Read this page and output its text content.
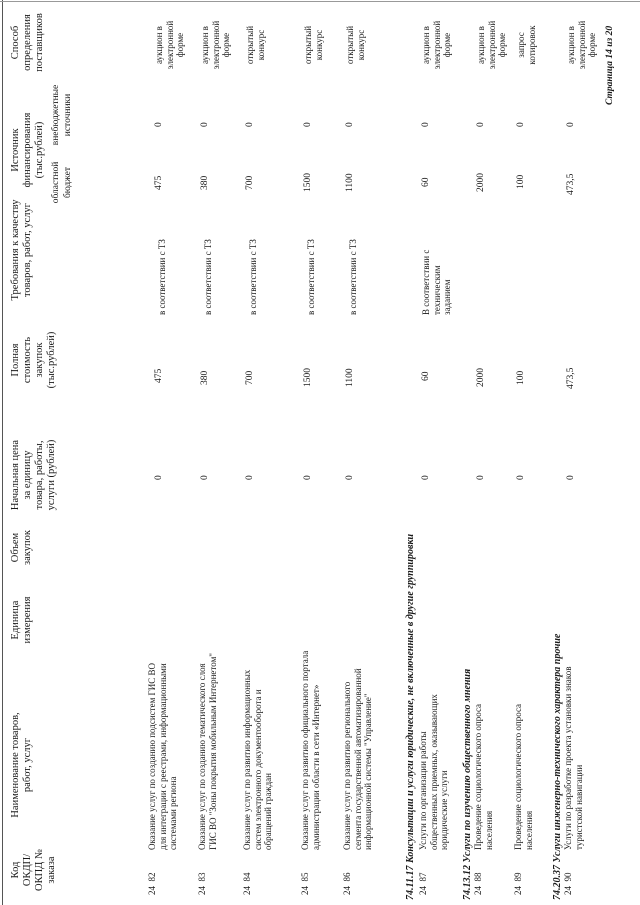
Код ОКДП/ ОКПД № заказа
Наименование товаров, работ, услуг
Единица измерения
Объем закупок
Начальная цена за единицу товара, работы, услуги (рублей)
Полная стоимость закупок (тыс.рублей)
Требования к качеству товаров, работ, услуг
Источник финансирования (тыс.рублей)
областной бюджет
внебюджетные источники
Способ определения поставщиков
24  82
Оказание услуг по созданию подсистем ГИС ВО для интеграции с реестрами, информационными системами региона
0
475
в соответствии с ТЗ
475
0
аукцион в электронной форме
24  83
Оказание услуг по созданию тематического слоя ГИС ВО "Зоны покрытия мобильным Интернетом"
0
380
в соответствии с ТЗ
380
0
аукцион в электронной форме
24  84
Оказание услуг по развитию информационных систем электронного документооборота и обращений граждан
0
700
в соответствии с ТЗ
700
0
открытый конкурс
24  85
Оказание услуг по развитию официального портала администрации области в сети «Интернет»
0
1500
в соответствии с ТЗ
1500
0
открытый конкурс
24  86
Оказание услуг по развитию регионального сегмента государственной автоматизированной информационной системы "Управление"
0
1100
в соответствии с ТЗ
1100
0
открытый конкурс
74.11.17 Консультации и услуги юридические, не включенные в другие группировки 24  87
Услуги по организации работы общественных приемных, оказывающих юридические услуги
0
60
В соответствии с техническим заданием
60
0
аукцион в электронной форме
74.13.12 Услуги по изучению общественного мнения 24  88
Проведение социологического опроса населения
0
2000
2000
0
аукцион в электронной форме
24  89
Проведение социологического опроса населения
0
100
100
0
запрос котировок
74.20.37 Услуги инженерно-технического характера прочие 24  90
Услуги по разработке проекта установки знаков туристской навигации
0
473,5
473,5
0
аукцион в электронной форме Страница 14 из 20
